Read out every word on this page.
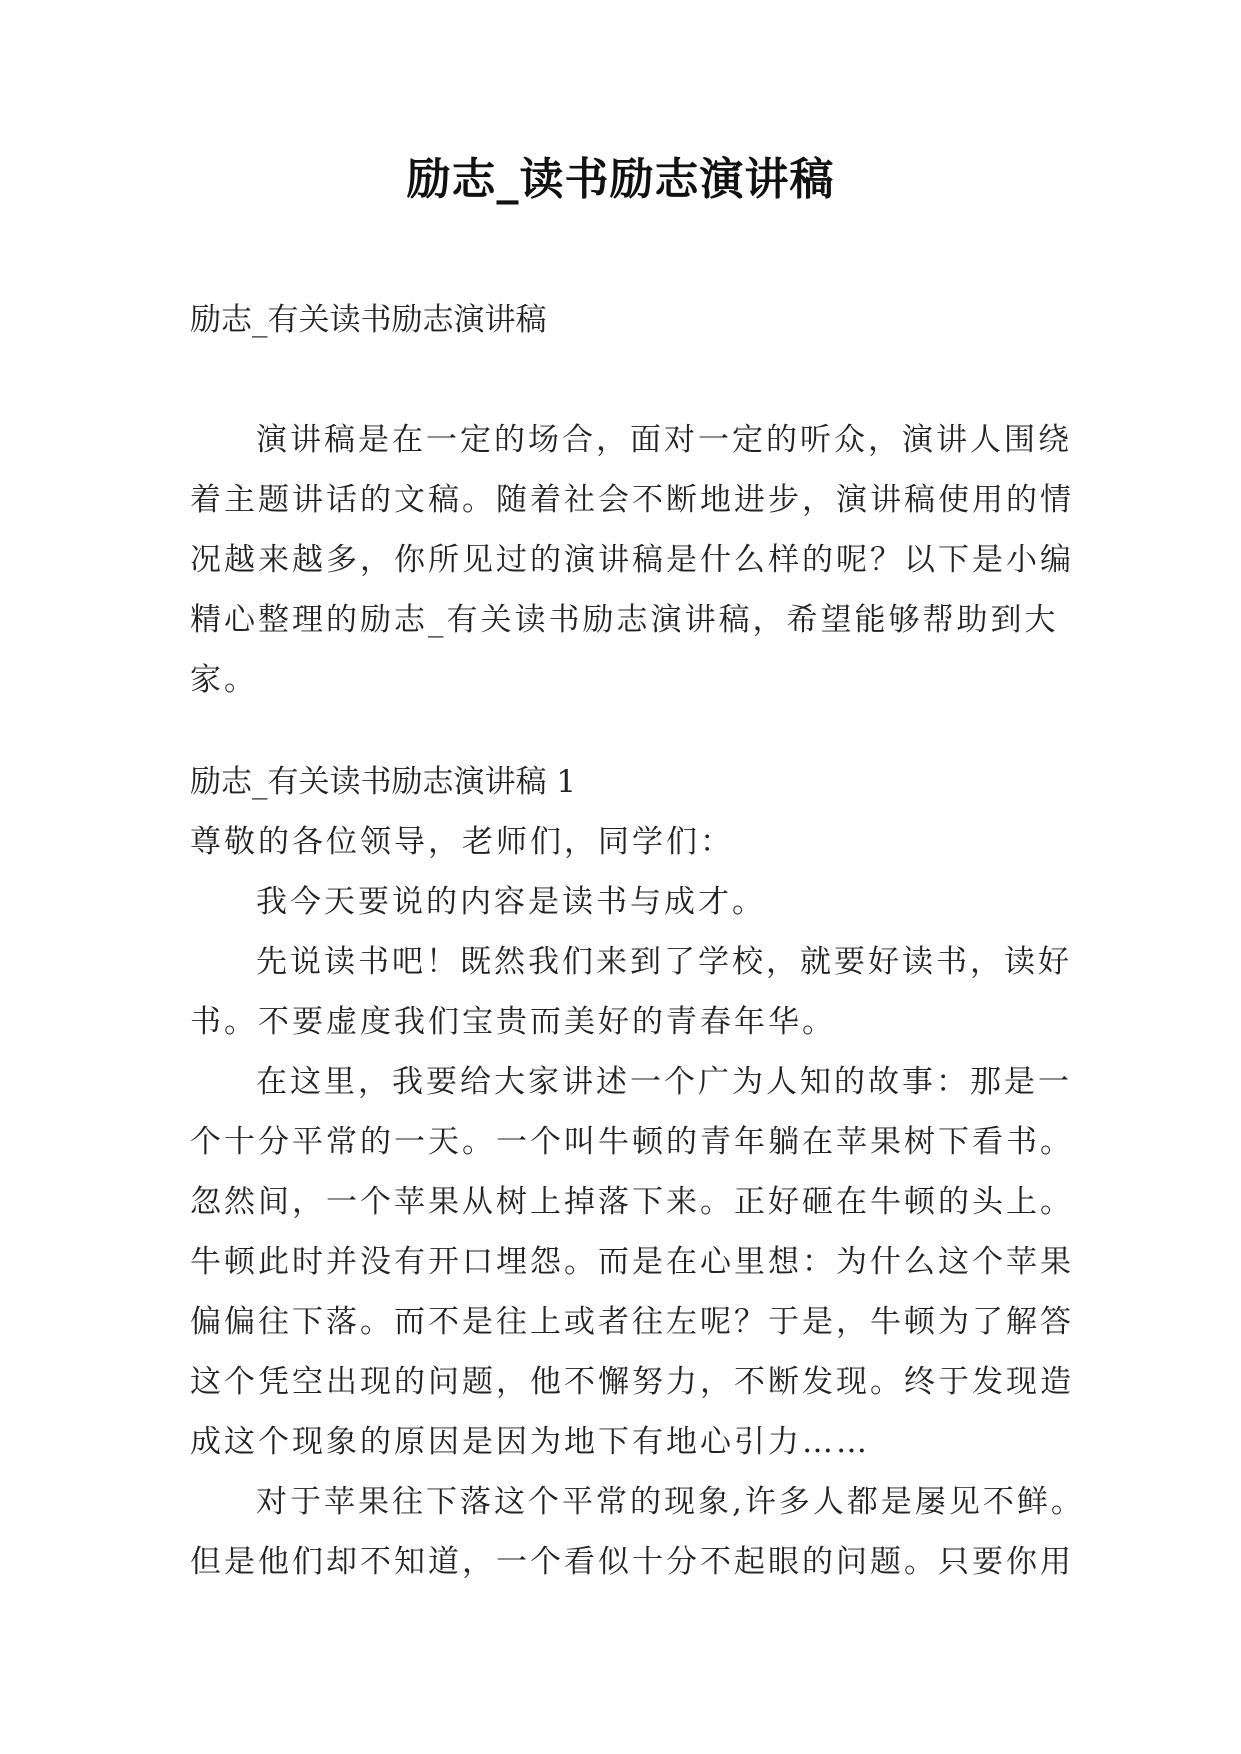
励志_读书励志演讲稿
励志_有关读书励志演讲稿
演讲稿是在一定的场合，面对一定的听众，演讲人围绕
着主题讲话的文稿。随着社会不断地进步，演讲稿使用的情
况越来越多，你所见过的演讲稿是什么样的呢？以下是小编
精心整理的励志_有关读书励志演讲稿，希望能够帮助到大
家。
励志_有关读书励志演讲稿 1
尊敬的各位领导，老师们，同学们：
我今天要说的内容是读书与成才。
先说读书吧！既然我们来到了学校，就要好读书，读好
书。不要虚度我们宝贵而美好的青春年华。
在这里，我要给大家讲述一个广为人知的故事：那是一
个十分平常的一天。一个叫牛顿的青年躺在苹果树下看书。
忽然间，一个苹果从树上掉落下来。正好砸在牛顿的头上。
牛顿此时并没有开口埋怨。而是在心里想：为什么这个苹果
偏偏往下落。而不是往上或者往左呢？于是，牛顿为了解答
这个凭空出现的问题，他不懈努力，不断发现。终于发现造
成这个现象的原因是因为地下有地心引力……
对于苹果往下落这个平常的现象,许多人都是屡见不鲜。
但是他们却不知道，一个看似十分不起眼的问题。只要你用
